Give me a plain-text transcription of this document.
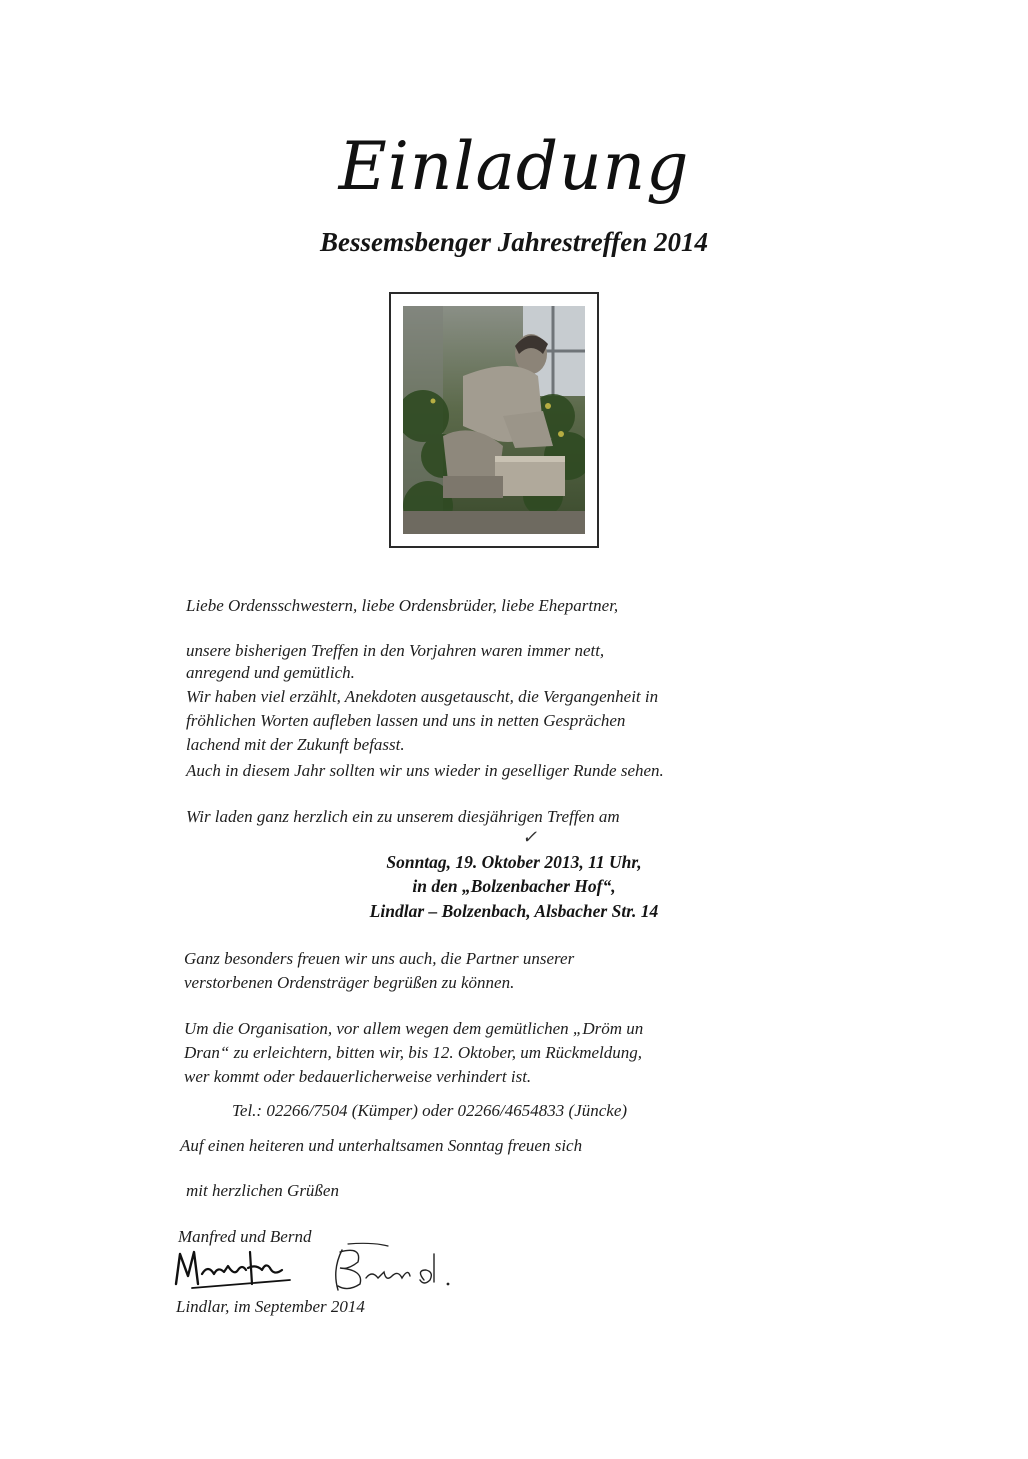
Einladung
Bessemsbenger Jahrestreffen 2014
Liebe Ordensschwestern, liebe Ordensbrüder, liebe Ehepartner,
unsere bisherigen Treffen in den Vorjahren waren immer nett,
anregend und gemütlich.
Wir haben viel erzählt, Anekdoten ausgetauscht, die Vergangenheit in
fröhlichen Worten aufleben lassen und uns in netten Gesprächen
lachend mit der Zukunft befasst.
Auch in diesem Jahr sollten wir uns wieder in geselliger Runde sehen.
Wir laden ganz herzlich ein zu unserem diesjährigen Treffen am
✓
Sonntag, 19. Oktober 2013, 11 Uhr,
in den „Bolzenbacher Hof“,
Lindlar – Bolzenbach, Alsbacher Str. 14
Ganz besonders freuen wir uns auch, die Partner unserer
verstorbenen Ordensträger begrüßen zu können.
Um die Organisation, vor allem wegen dem gemütlichen „Dröm un
Dran“ zu erleichtern, bitten wir, bis 12. Oktober, um Rückmeldung,
wer kommt oder bedauerlicherweise verhindert ist.
Tel.: 02266/7504 (Kümper) oder 02266/4654833 (Jüncke)
Auf einen heiteren und unterhaltsamen Sonntag freuen sich
mit herzlichen Grüßen
Manfred und Bernd
Lindlar, im September 2014
